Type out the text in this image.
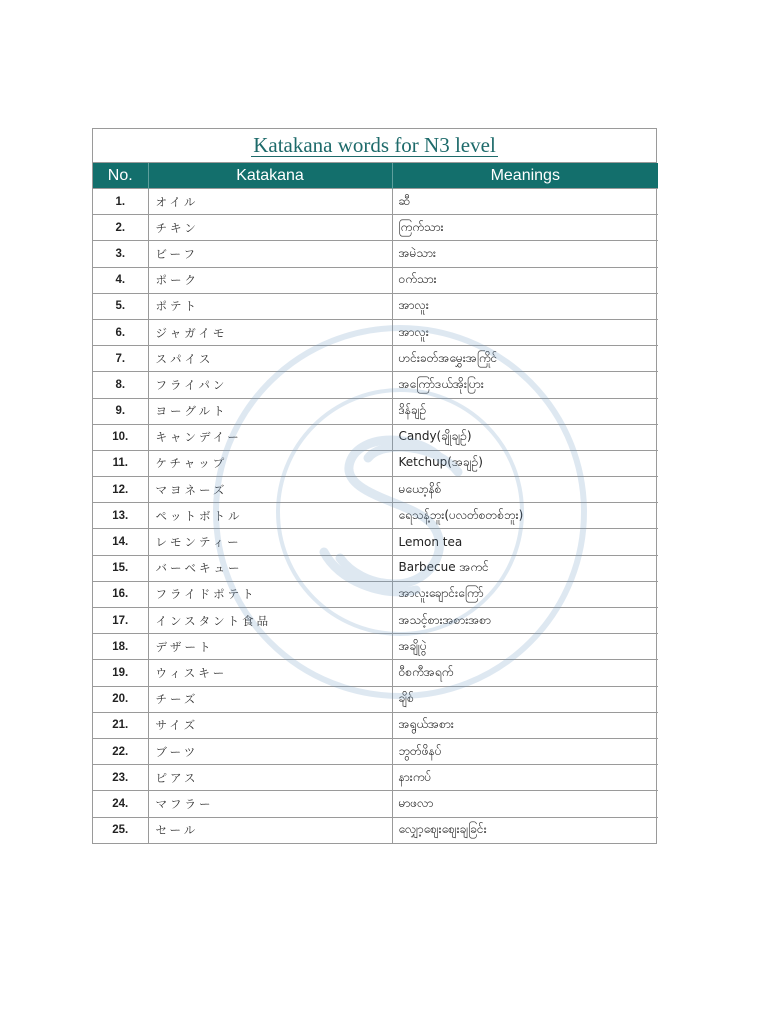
Katakana words for N3 level
No.	Katakana	Meanings
1.	オイル	ဆီ
2.	チキン	ကြက်သား
3.	ビーフ	အမဲသား
4.	ポーク	ဝက်သား
5.	ポテト	အာလူး
6.	ジャガイモ	အာလူး
7.	スパイス	ဟင်းခတ်အမွှေးအကြိုင်
8.	フライパン	အကြော်ဒယ်အိုးပြား
9.	ヨーグルト	ဒိန်ချဉ်
10.	キャンデイー	Candy(ချိုချဉ်)
11.	ケチャップ	Ketchup(အချဉ်)
12.	マヨネーズ	မယော့နိစ်
13.	ペットボトル	ရေသန့်ဘူး(ပလတ်စတစ်ဘူး)
14.	レモンティー	Lemon tea
15.	バーベキュー	Barbecue အကင်
16.	フライドポテト	အာလူးချောင်းကြော်
17.	インスタント食品	အသင့်စားအစားအစာ
18.	デザート	အချိုပွဲ
19.	ウィスキー	ဝီစကီအရက်
20.	チーズ	ချိစ်
21.	サイズ	အရွယ်အစား
22.	ブーツ	ဘွတ်ဖိနပ်
23.	ピアス	နားကပ်
24.	マフラー	မာဖလာ
25.	セール	လျှော့ဈေးဈေးချခြင်း
